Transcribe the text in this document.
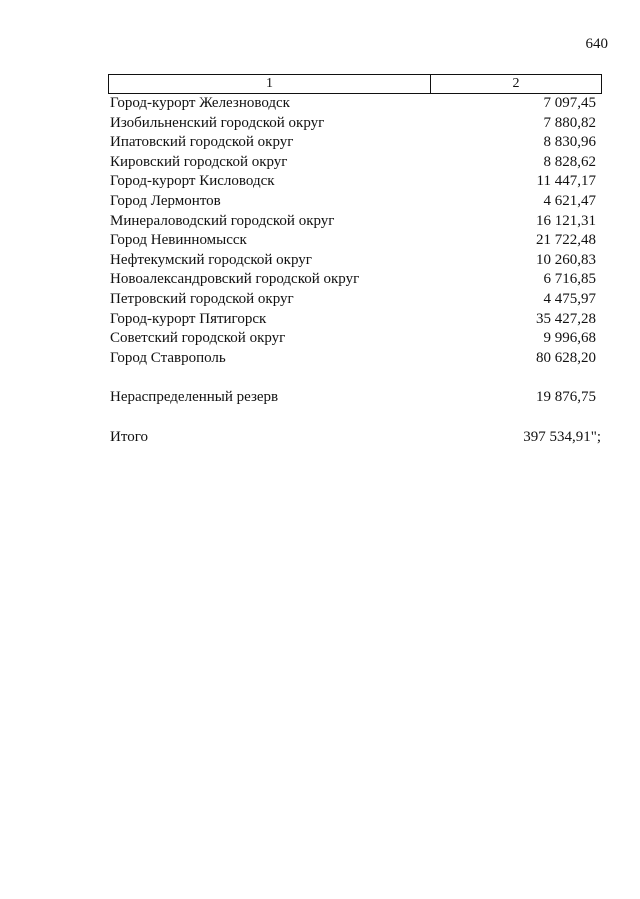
640
1	2
Город-курорт Железноводск	7 097,45
Изобильненский городской округ	7 880,82
Ипатовский городской округ	8 830,96
Кировский городской округ	8 828,62
Город-курорт Кисловодск	11 447,17
Город Лермонтов	4 621,47
Минераловодский городской округ	16 121,31
Город Невинномысск	21 722,48
Нефтекумский городской округ	10 260,83
Новоалександровский городской округ	6 716,85
Петровский городской округ	4 475,97
Город-курорт Пятигорск	35 427,28
Советский городской округ	9 996,68
Город Ставрополь	80 628,20
Нераспределенный резерв	19 876,75
Итого	397 534,91";
